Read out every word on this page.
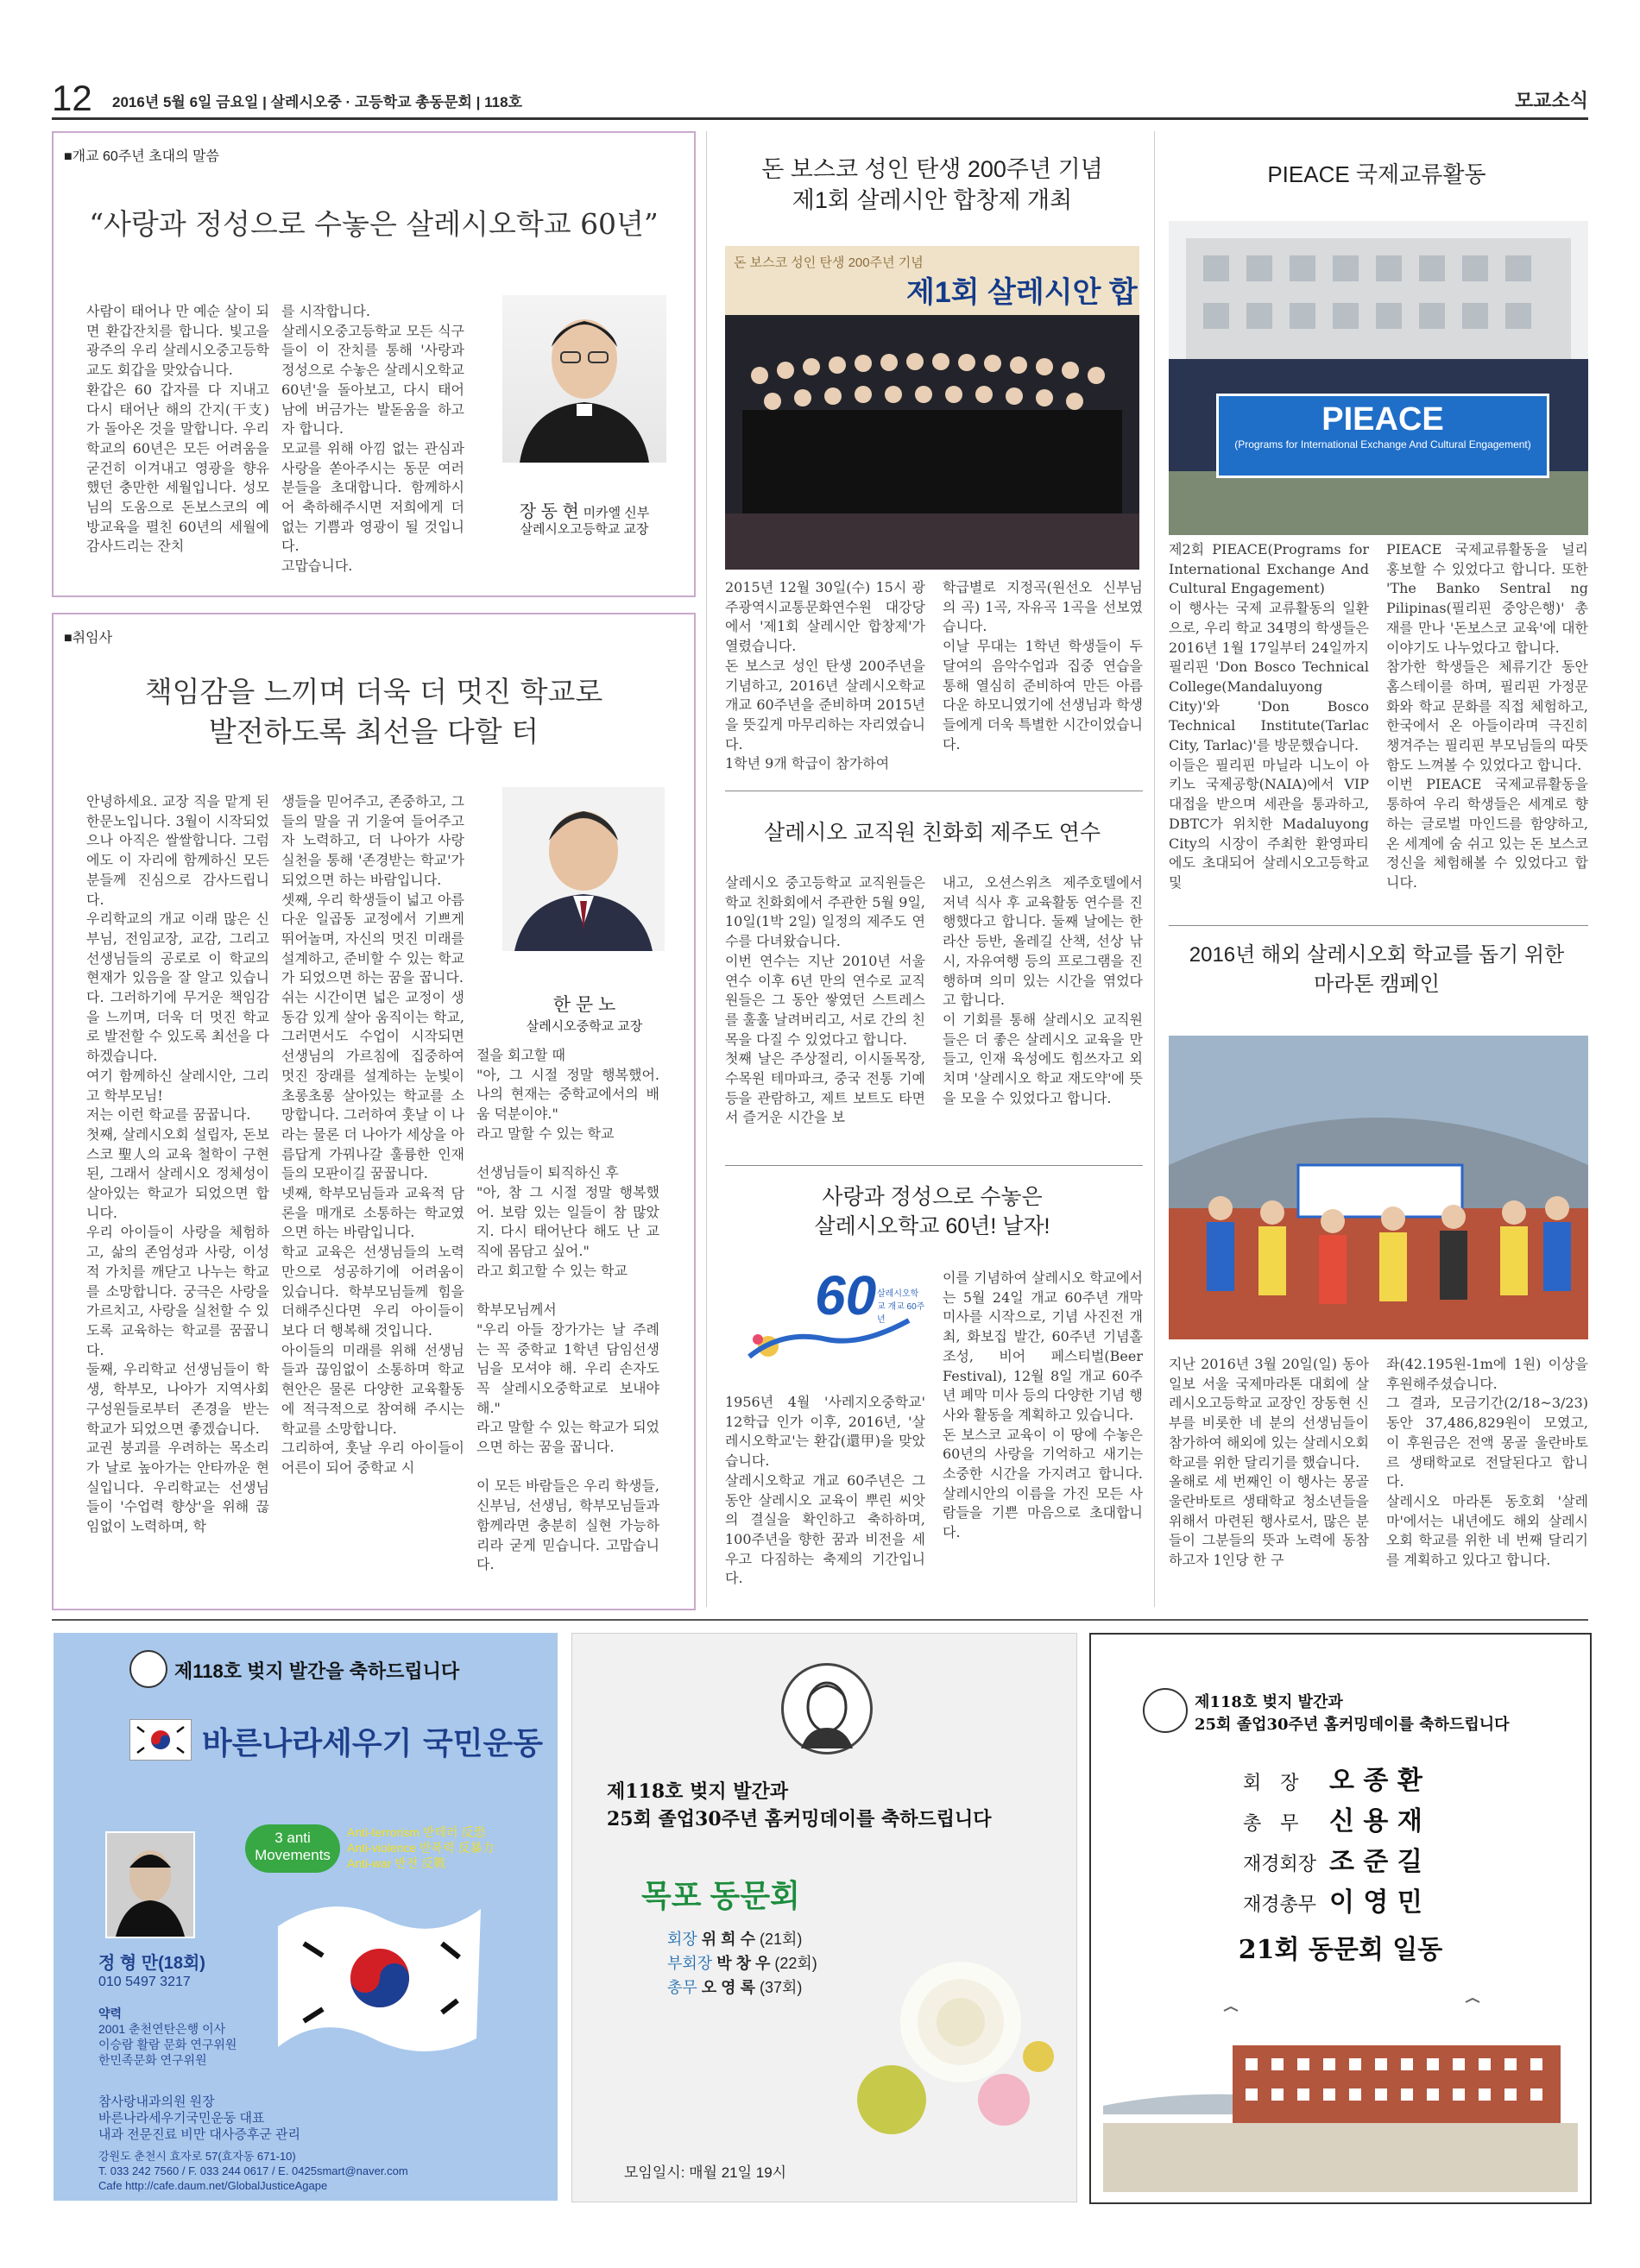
12 2016년 5월 6일 금요일 | 살레시오중 · 고등학교 총동문회 | 118호	모교소식
■개교 60주년 초대의 말씀
“사랑과 정성으로 수놓은 살레시오학교 60년”
사람이 태어나 만 예순 살이 되면 환갑잔치를 합니다. 빛고을 광주의 우리 살레시오중고등학교도 회갑을 맞았습니다.
환갑은 60 갑자를 다 지내고 다시 태어난 해의 간지(干支)가 돌아온 것을 말합니다. 우리학교의 60년은 모든 어려움을 굳건히 이겨내고 영광을 향유했던 충만한 세월입니다. 성모님의 도움으로 돈보스코의 예방교육을 펼친 60년의 세월에 감사드리는 잔치
를 시작합니다.
살레시오중고등학교 모든 식구들이 이 잔치를 통해 '사랑과 정성으로 수놓은 살레시오학교 60년'을 돌아보고, 다시 태어남에 버금가는 발돋움을 하고자 합니다.
모교를 위해 아낌 없는 관심과 사랑을 쏟아주시는 동문 여러분들을 초대합니다. 함께하시어 축하해주시면 저희에게 더없는 기쁨과 영광이 될 것입니다.
고맙습니다.
장 동 현 미카엘 신부
살레시오고등학교 교장
■취임사
책임감을 느끼며 더욱 더 멋진 학교로
발전하도록 최선을 다할 터
안녕하세요. 교장 직을 맡게 된 한문노입니다. 3월이 시작되었으나 아직은 쌀쌀합니다. 그럼에도 이 자리에 함께하신 모든 분들께 진심으로 감사드립니다.
우리학교의 개교 이래 많은 신부님, 전임교장, 교감, 그리고 선생님들의 공로로 이 학교의 현재가 있음을 잘 알고 있습니다. 그러하기에 무거운 책임감을 느끼며, 더욱 더 멋진 학교로 발전할 수 있도록 최선을 다하겠습니다.
여기 함께하신 살레시안, 그리고 학부모님!
저는 이런 학교를 꿈꿉니다.
첫째, 살레시오회 설립자, 돈보스코 聖人의 교육 철학이 구현된, 그래서 살레시오 정체성이 살아있는 학교가 되었으면 합니다.
우리 아이들이 사랑을 체험하고, 삶의 존엄성과 사랑, 이성적 가치를 깨닫고 나누는 학교를 소망합니다. 궁극은 사랑을 가르치고, 사랑을 실천할 수 있도록 교육하는 학교를 꿈꿉니다.
둘째, 우리학교 선생님들이 학생, 학부모, 나아가 지역사회 구성원들로부터 존경을 받는 학교가 되었으면 좋겠습니다.
교권 붕괴를 우려하는 목소리가 날로 높아가는 안타까운 현실입니다. 우리학교는 선생님들이 '수업력 향상'을 위해 끊임없이 노력하며, 학
생들을 믿어주고, 존중하고, 그들의 말을 귀 기울여 들어주고자 노력하고, 더 나아가 사랑 실천을 통해 '존경받는 학교'가 되었으면 하는 바람입니다.
셋째, 우리 학생들이 넓고 아름다운 일곱동 교정에서 기쁘게 뛰어놀며, 자신의 멋진 미래를 설계하고, 준비할 수 있는 학교가 되었으면 하는 꿈을 꿉니다.
쉬는 시간이면 넓은 교정이 생동감 있게 살아 움직이는 학교, 그러면서도 수업이 시작되면 선생님의 가르침에 집중하여 멋진 장래를 설계하는 눈빛이 초롱초롱 살아있는 학교를 소망합니다. 그러하여 훗날 이 나라는 물론 더 나아가 세상을 아름답게 가꿔나갈 훌륭한 인재들의 모판이길 꿈꿉니다.
넷째, 학부모님들과 교육적 담론을 매개로 소통하는 학교였으면 하는 바람입니다.
학교 교육은 선생님들의 노력만으로 성공하기에 어려움이 있습니다. 학부모님들께 힘을 더해주신다면 우리 아이들이 보다 더 행복해 것입니다.
아이들의 미래를 위해 선생님들과 끊임없이 소통하며 학교 현안은 물론 다양한 교육활동에 적극적으로 참여해 주시는 학교를 소망합니다.
그리하여, 훗날 우리 아이들이 어른이 되어 중학교 시
절을 회고할 때
"아, 그 시절 정말 행복했어. 나의 현재는 중학교에서의 배움 덕분이야."
라고 말할 수 있는 학교

선생님들이 퇴직하신 후
"아, 참 그 시절 정말 행복했어. 보람 있는 일들이 참 많았지. 다시 태어난다 해도 난 교직에 몸담고 싶어."
라고 회고할 수 있는 학교

학부모님께서
"우리 아들 장가가는 날 주례는 꼭 중학교 1학년 담임선생님을 모셔야 해. 우리 손자도 꼭 살레시오중학교로 보내야 해."
라고 말할 수 있는 학교가 되었으면 하는 꿈을 꿉니다.

이 모든 바람들은 우리 학생들, 신부님, 선생님, 학부모님들과 함께라면 충분히 실현 가능하리라 굳게 믿습니다. 고맙습니다.
한 문 노
살레시오중학교 교장
돈 보스코 성인 탄생 200주년 기념
제1회 살레시안 합창제 개최
돈 보스코 성인 탄생 200주년 기념
제1회 살레시안 합
2015년 12월 30일(수) 15시 광주광역시교통문화연수원 대강당에서 '제1회 살레시안 합창제'가 열렸습니다.
돈 보스코 성인 탄생 200주년을 기념하고, 2016년 살레시오학교 개교 60주년을 준비하며 2015년을 뜻깊게 마무리하는 자리였습니다.
1학년 9개 학급이 참가하여
학급별로 지정곡(원선오 신부님의 곡) 1곡, 자유곡 1곡을 선보였습니다.
이날 무대는 1학년 학생들이 두 달여의 음악수업과 집중 연습을 통해 열심히 준비하여 만든 아름다운 하모니였기에 선생님과 학생들에게 더욱 특별한 시간이었습니다.
살레시오 교직원 친화회 제주도 연수
살레시오 중고등학교 교직원들은 학교 친화회에서 주관한 5월 9일, 10일(1박 2일) 일정의 제주도 연수를 다녀왔습니다.
이번 연수는 지난 2010년 서울 연수 이후 6년 만의 연수로 교직원들은 그 동안 쌓였던 스트레스를 훌훌 날려버리고, 서로 간의 친목을 다질 수 있었다고 합니다.
첫째 날은 주상절리, 이시돌목장, 수목원 테마파크, 중국 전통 기예 등을 관람하고, 제트 보트도 타면서 즐거운 시간을 보
내고, 오션스위츠 제주호텔에서 저녁 식사 후 교육활동 연수를 진행했다고 합니다. 둘째 날에는 한라산 등반, 올레길 산책, 선상 낚시, 자유여행 등의 프로그램을 진행하며 의미 있는 시간을 엮었다고 합니다.
이 기회를 통해 살레시오 교직원들은 더 좋은 살레시오 교육을 만들고, 인재 육성에도 힘쓰자고 외치며 '살레시오 학교 재도약'에 뜻을 모을 수 있었다고 합니다.
사랑과 정성으로 수놓은
살레시오학교 60년! 날자!
60 살레시오학교 개교 60주년
1956년 4월 '사레지오중학교' 12학급 인가 이후, 2016년, '살레시오학교'는 환갑(還甲)을 맞았습니다.
살레시오학교 개교 60주년은 그 동안 살레시오 교육이 뿌린 씨앗의 결실을 확인하고 축하하며, 100주년을 향한 꿈과 비전을 세우고 다짐하는 축제의 기간입니다.
이를 기념하여 살레시오 학교에서는 5월 24일 개교 60주년 개막 미사를 시작으로, 기념 사진전 개최, 화보집 발간, 60주년 기념홀 조성, 비어 페스티벌(Beer Festival), 12월 8일 개교 60주년 폐막 미사 등의 다양한 기념 행사와 활동을 계획하고 있습니다.
돈 보스코 교육이 이 땅에 수놓은 60년의 사랑을 기억하고 새기는 소중한 시간을 가지려고 합니다. 살레시안의 이름을 가진 모든 사람들을 기쁜 마음으로 초대합니다.
PIEACE 국제교류활동
PIEACE
(Programs for International Exchange And Cultural Engagement)
제2회 PIEACE(Programs for International Exchange And Cultural Engagement)
이 행사는 국제 교류활동의 일환으로, 우리 학교 34명의 학생들은 2016년 1월 17일부터 24일까지 필리핀 'Don Bosco Technical College(Mandaluyong City)'와 'Don Bosco Technical Institute(Tarlac City, Tarlac)'를 방문했습니다.
이들은 필리핀 마닐라 니노이 아키노 국제공항(NAIA)에서 VIP 대접을 받으며 세관을 통과하고, DBTC가 위치한 Madaluyong City의 시장이 주최한 환영파티에도 초대되어 살레시오고등학교 및
PIEACE 국제교류활동을 널리 홍보할 수 있었다고 합니다. 또한 'The Banko Sentral ng Pilipinas(필리핀 중앙은행)' 총재를 만나 '돈보스코 교육'에 대한 이야기도 나누었다고 합니다.
참가한 학생들은 체류기간 동안 홈스테이를 하며, 필리핀 가정문화와 학교 문화를 직접 체험하고, 한국에서 온 아들이라며 극진히 챙겨주는 필리핀 부모님들의 따뜻함도 느껴볼 수 있었다고 합니다.
이번 PIEACE 국제교류활동을 통하여 우리 학생들은 세계로 향하는 글로벌 마인드를 함양하고, 온 세계에 숨 쉬고 있는 돈 보스코 정신을 체험해볼 수 있었다고 합니다.
2016년 해외 살레시오회 학교를 돕기 위한
마라톤 캠페인
지난 2016년 3월 20일(일) 동아일보 서울 국제마라톤 대회에 살레시오고등학교 교장인 장동현 신부를 비롯한 네 분의 선생님들이 참가하여 해외에 있는 살레시오회 학교를 위한 달리기를 했습니다.
올해로 세 번째인 이 행사는 몽골 울란바토르 생태학교 청소년들을 위해서 마련된 행사로서, 많은 분들이 그분들의 뜻과 노력에 동참하고자 1인당 한 구
좌(42.195원-1m에 1원) 이상을 후원해주셨습니다.
그 결과, 모금기간(2/18~3/23)동안 37,486,829원이 모였고, 이 후원금은 전액 몽골 울란바토르 생태학교로 전달된다고 합니다.
살레시오 마라톤 동호회 '살레마'에서는 내년에도 해외 살레시오회 학교를 위한 네 번째 달리기를 계획하고 있다고 합니다.
제118호 벚지 발간을 축하드립니다
바른나라세우기 국민운동
3 anti Movements
Anti-terrorism 반테러 反恐
Anti-violence 반폭력 反暴力
Anti-war 반전 反戰
정 형 만(18회)
010 5497 3217
약력
2001 춘천연탄은행 이사
이승람 활람 문화 연구위원
한민족문화 연구위원
참사랑내과의원 원장
바른나라세우기국민운동 대표
내과 전문진료 비만 대사증후군 관리
강원도 춘천시 효자로 57(효자동 671-10)
T. 033 242 7560 / F. 033 244 0617 / E. 0425smart@naver.com
Cafe http://cafe.daum.net/GlobalJusticeAgape
제118호 벚지 발간과
25회 졸업30주년 홈커밍데이를 축하드립니다
목포 동문회
회장 위 희 수 (21회)
부회장 박 창 우 (22회)
총무 오 영 록 (37회)
모임일시: 매월 21일 19시
제118호 벚지 발간과
25회 졸업30주년 홈커밍데이를 축하드립니다
회　장 오 종 환
총　무 신 용 재
재경회장 조 준 길
재경총무 이 영 민
21회 동문회 일동
